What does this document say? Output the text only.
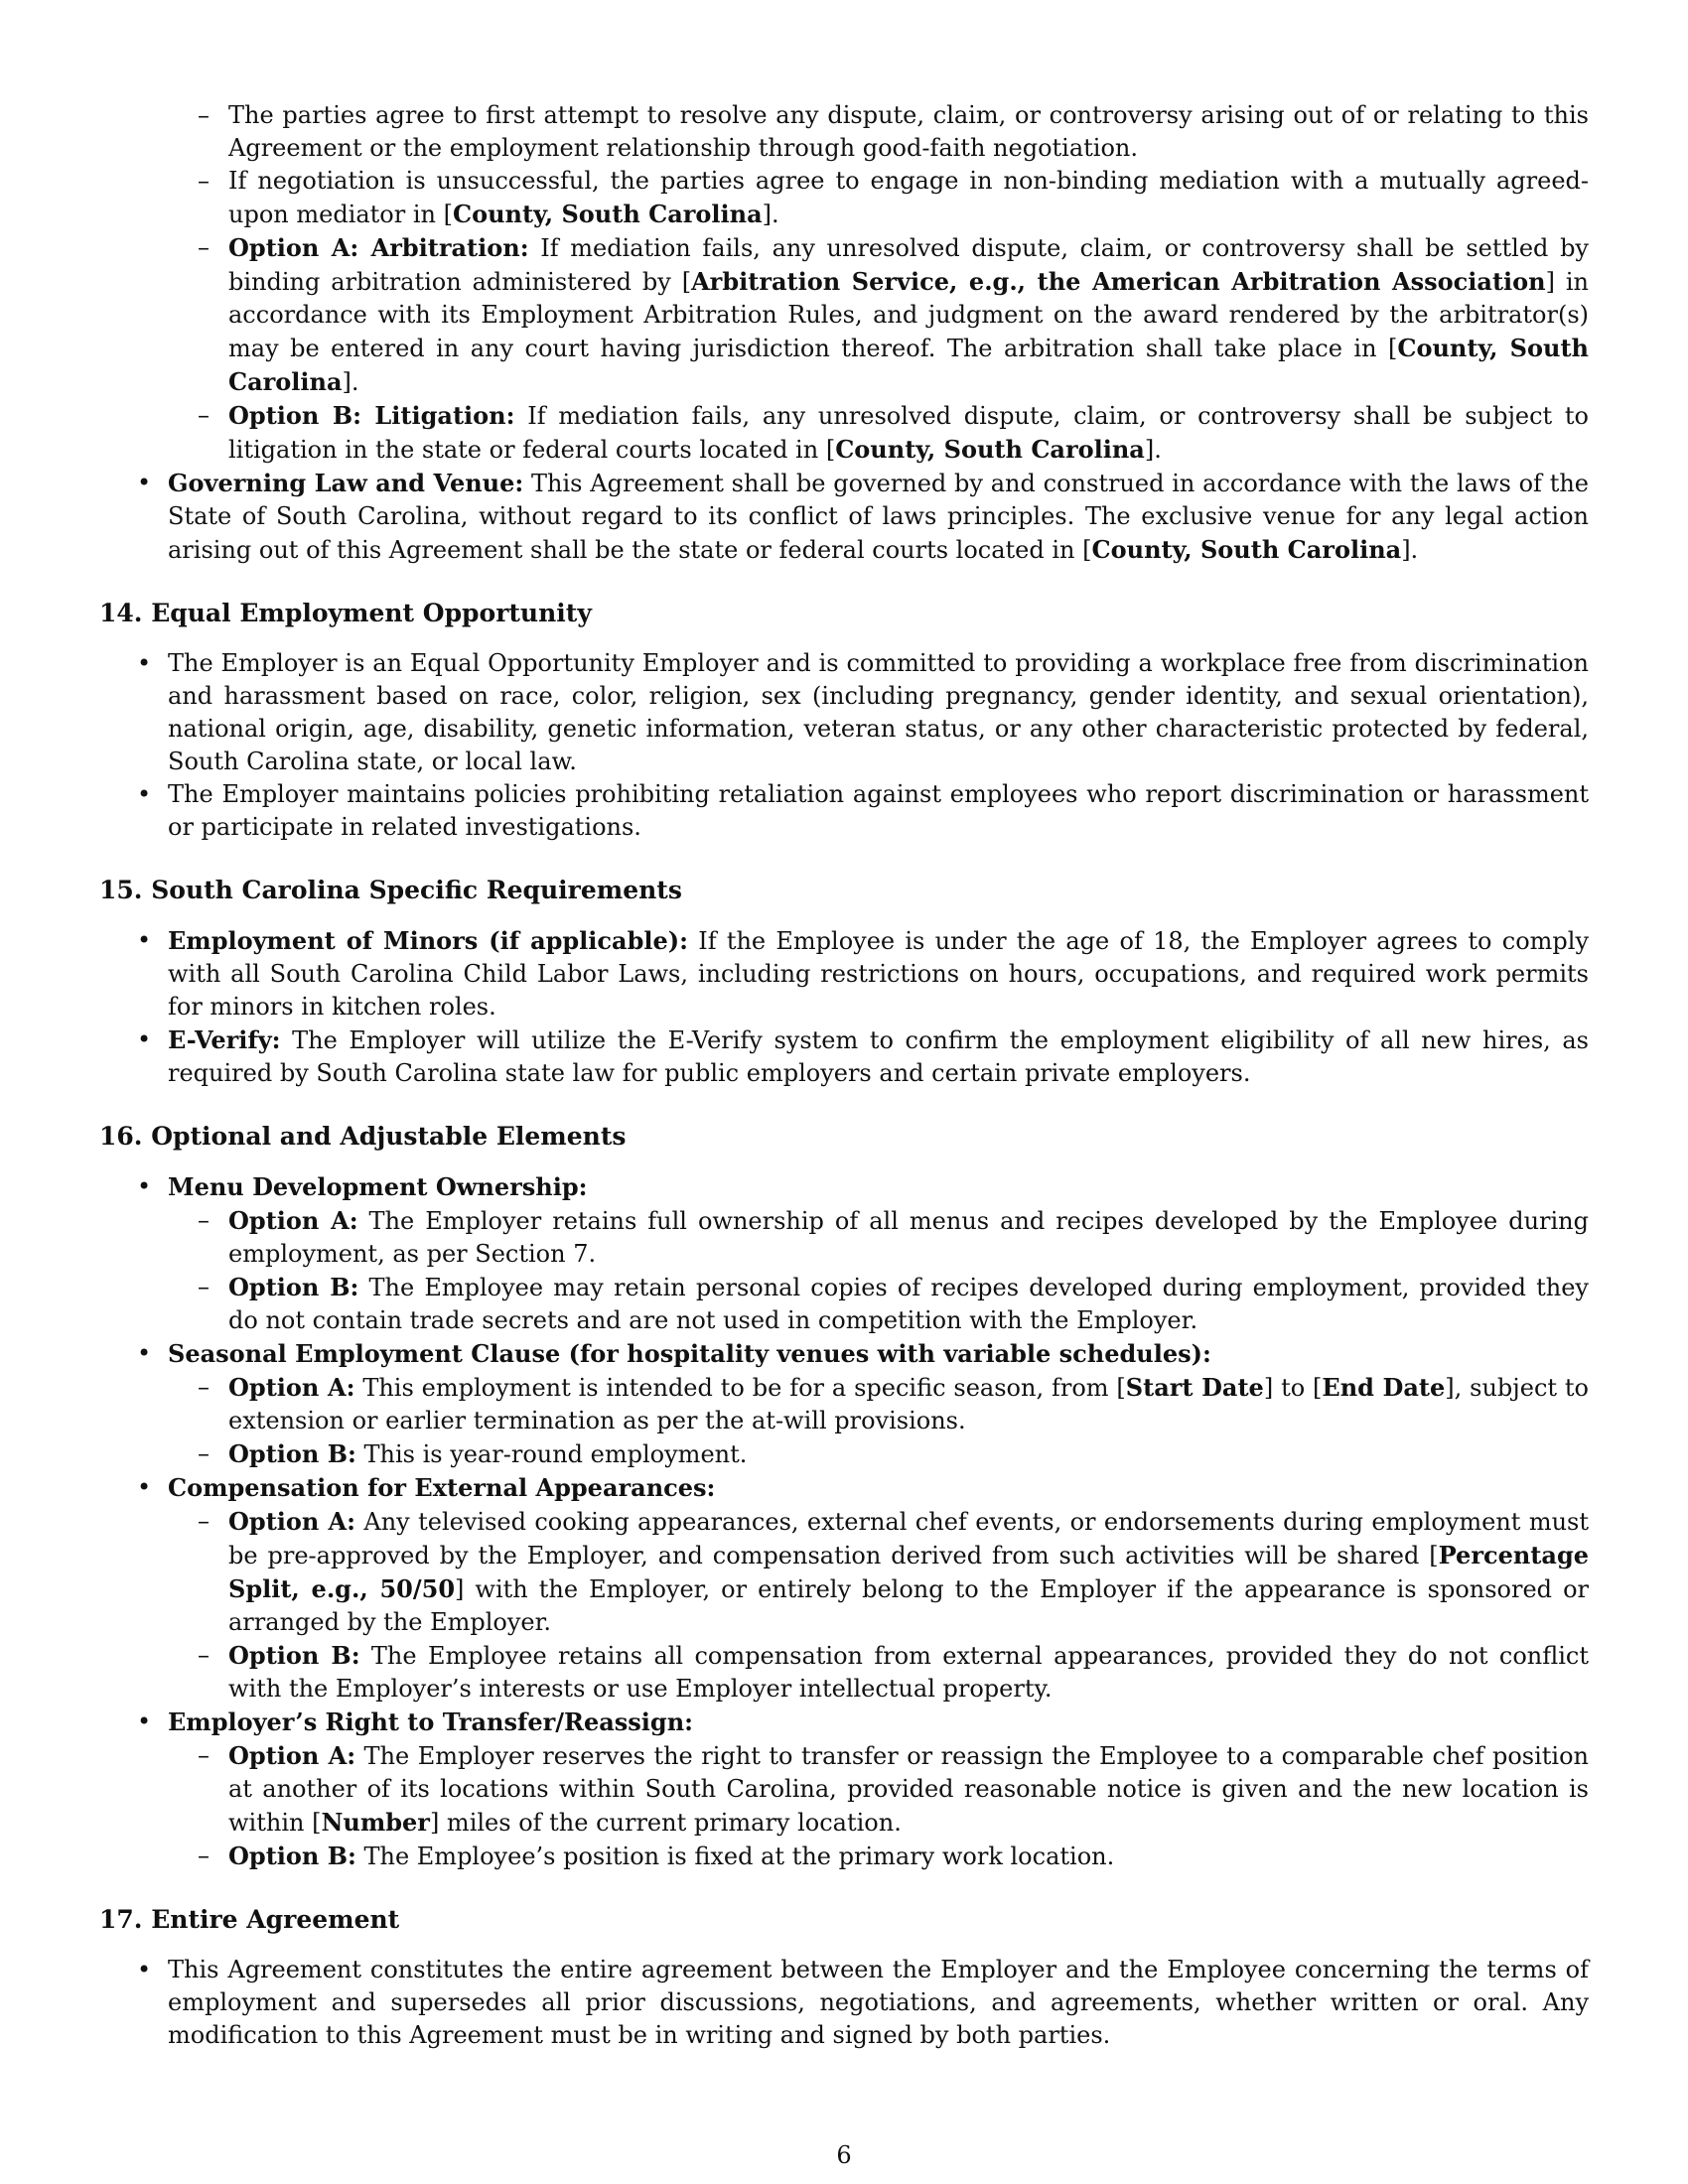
– The parties agree to first attempt to resolve any dispute, claim, or controversy arising out of or relating to this Agreement or the employment relationship through good-faith negotiation.
– If negotiation is unsuccessful, the parties agree to engage in non-binding mediation with a mutually agreed-upon mediator in [County, South Carolina].
– Option A: Arbitration: If mediation fails, any unresolved dispute, claim, or controversy shall be settled by binding arbitration administered by [Arbitration Service, e.g., the American Arbitration Association] in accordance with its Employment Arbitration Rules, and judgment on the award rendered by the arbitrator(s) may be entered in any court having jurisdiction thereof. The arbitration shall take place in [County, South Carolina].
– Option B: Litigation: If mediation fails, any unresolved dispute, claim, or controversy shall be subject to litigation in the state or federal courts located in [County, South Carolina].
• Governing Law and Venue: This Agreement shall be governed by and construed in accordance with the laws of the State of South Carolina, without regard to its conflict of laws principles. The exclusive venue for any legal action arising out of this Agreement shall be the state or federal courts located in [County, South Carolina].
14. Equal Employment Opportunity
• The Employer is an Equal Opportunity Employer and is committed to providing a workplace free from discrimination and harassment based on race, color, religion, sex (including pregnancy, gender identity, and sexual orientation), national origin, age, disability, genetic information, veteran status, or any other characteristic protected by federal, South Carolina state, or local law.
• The Employer maintains policies prohibiting retaliation against employees who report discrimination or harassment or participate in related investigations.
15. South Carolina Specific Requirements
• Employment of Minors (if applicable): If the Employee is under the age of 18, the Employer agrees to comply with all South Carolina Child Labor Laws, including restrictions on hours, occupations, and required work permits for minors in kitchen roles.
• E-Verify: The Employer will utilize the E-Verify system to confirm the employment eligibility of all new hires, as required by South Carolina state law for public employers and certain private employers.
16. Optional and Adjustable Elements
• Menu Development Ownership:
– Option A: The Employer retains full ownership of all menus and recipes developed by the Employee during employment, as per Section 7.
– Option B: The Employee may retain personal copies of recipes developed during employment, provided they do not contain trade secrets and are not used in competition with the Employer.
• Seasonal Employment Clause (for hospitality venues with variable schedules):
– Option A: This employment is intended to be for a specific season, from [Start Date] to [End Date], subject to extension or earlier termination as per the at-will provisions.
– Option B: This is year-round employment.
• Compensation for External Appearances:
– Option A: Any televised cooking appearances, external chef events, or endorsements during employment must be pre-approved by the Employer, and compensation derived from such activities will be shared [Percentage Split, e.g., 50/50] with the Employer, or entirely belong to the Employer if the appearance is sponsored or arranged by the Employer.
– Option B: The Employee retains all compensation from external appearances, provided they do not conflict with the Employer’s interests or use Employer intellectual property.
• Employer’s Right to Transfer/Reassign:
– Option A: The Employer reserves the right to transfer or reassign the Employee to a comparable chef position at another of its locations within South Carolina, provided reasonable notice is given and the new location is within [Number] miles of the current primary location.
– Option B: The Employee’s position is fixed at the primary work location.
17. Entire Agreement
• This Agreement constitutes the entire agreement between the Employer and the Employee concerning the terms of employment and supersedes all prior discussions, negotiations, and agreements, whether written or oral. Any modification to this Agreement must be in writing and signed by both parties.
6
